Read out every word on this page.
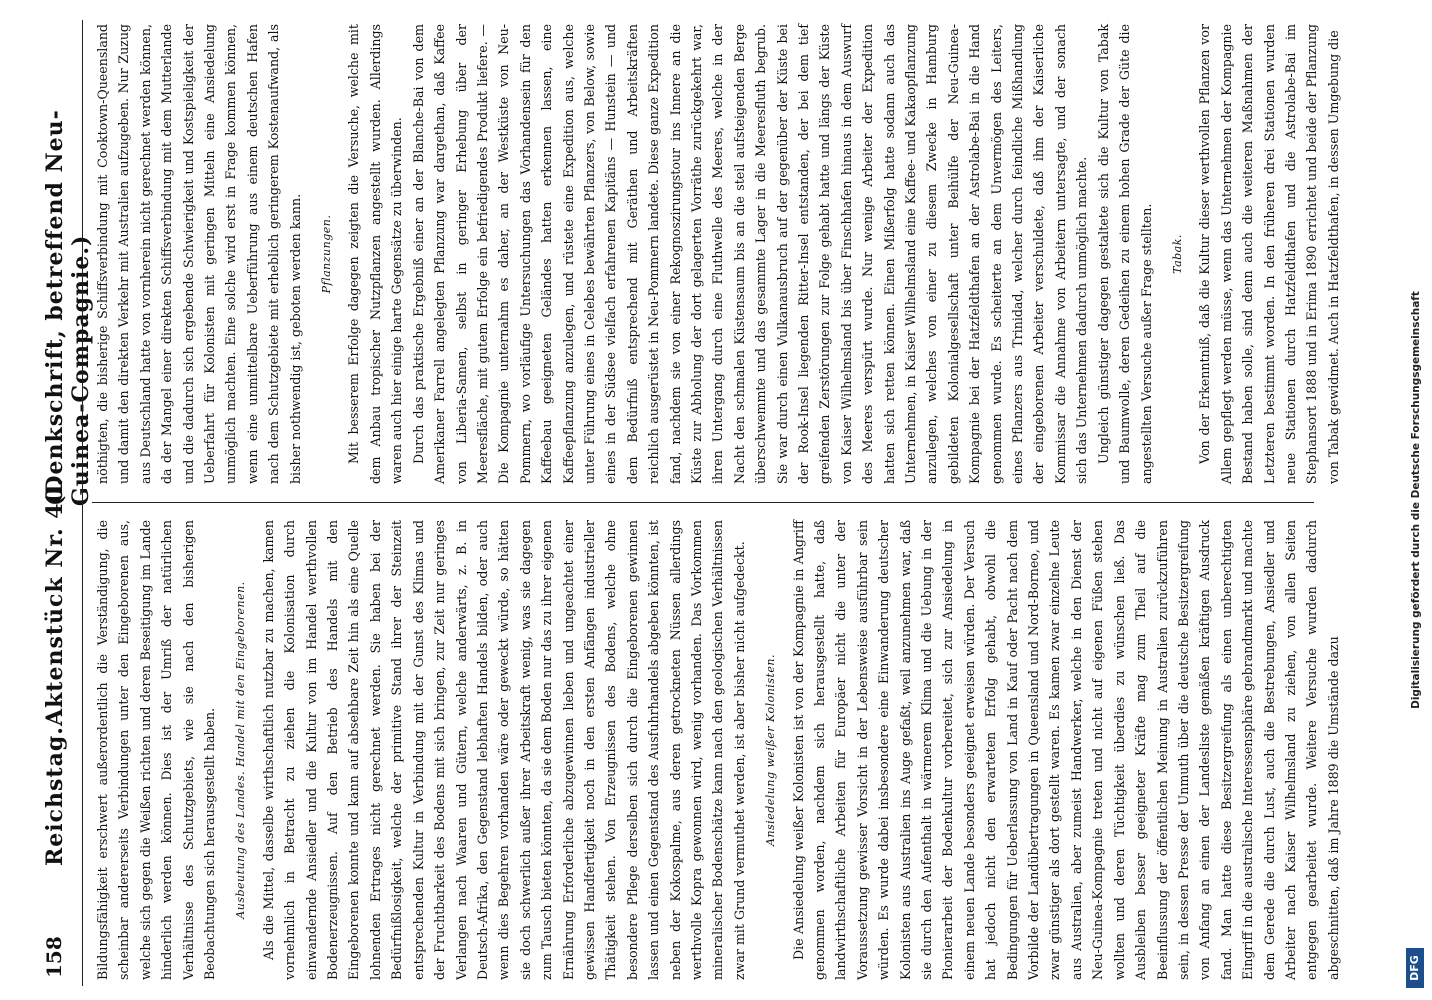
158
Reichstag.
Aktenstück Nr. 40.
(Denkschrift, betreffend Neu-Guinea-Compagnie.)

Bildungsfähigkeit erschwert außerordentlich die Verständigung, die scheinbar andererseits Verbindungen unter den Eingeborenen aus, welche sich gegen die Weißen richten und deren Beseitigung im Lande hinderlich werden können. Dies ist der Umriß der natürlichen Verhältnisse des Schutzgebiets, wie sie nach den bisherigen Beobachtungen sich herausgestellt haben.	Ausbeutung des Landes. Handel mit den Eingeborenen.	Als die Mittel, dasselbe wirthschaftlich nutzbar zu machen, kamen vornehmlich in Betracht zu ziehen die Kolonisation durch einwandernde Ansiedler und die Kultur von im Handel werthvollen Bodenerzeugnissen. Auf den Betrieb des Handels mit den Eingeborenen konnte und kann auf absehbare Zeit hin als eine Quelle lohnenden Ertrages nicht gerechnet werden. Sie haben bei der Bedürfnißlosigkeit, welche der primitive Stand ihrer der Steinzeit entsprechenden Kultur in Verbindung mit der Gunst des Klimas und der Fruchtbarkeit des Bodens mit sich bringen, zur Zeit nur geringes Verlangen nach Waaren und Gütern, welche anderwärts, z. B. in Deutsch-Afrika, den Gegenstand lebhaften Handels bilden, oder auch wenn dies Begehren vorhanden wäre oder geweckt würde, so hätten sie doch schwerlich außer ihrer Arbeitskraft wenig, was sie dagegen zum Tausch bieten könnten, da sie dem Boden nur das zu ihrer eigenen Ernährung Erforderliche abzugewinnen lieben und ungeachtet einer gewissen Handfertigkeit noch in den ersten Anfängen industrieller Thätigkeit stehen. Von Erzeugnissen des Bodens, welche ohne besondere Pflege derselben sich durch die Eingeborenen gewinnen lassen und einen Gegenstand des Ausfuhrhandels abgeben könnten, ist neben der Kokospalme, aus deren getrockneten Nüssen allerdings werthvolle Kopra gewonnen wird, wenig vorhanden. Das Vorkommen mineralischer Bodenschätze kann nach den geologischen Verhältnissen zwar mit Grund vermuthet werden, ist aber bisher nicht aufgedeckt.	Ansiedelung weißer Kolonisten.	Die Ansiedelung weißer Kolonisten ist von der Kompagnie in Angriff genommen worden, nachdem sich herausgestellt hatte, daß landwirthschaftliche Arbeiten für Europäer nicht die unter der Voraussetzung gewisser Vorsicht in der Lebensweise ausführbar sein würden. Es wurde dabei insbesondere eine Einwanderung deutscher Kolonisten aus Australien ins Auge gefaßt, weil anzunehmen war, daß sie durch den Aufenthalt in wärmerem Klima und die Uebung in der Pionierarbeit der Bodenkultur vorbereitet, sich zur Ansiedelung in einem neuen Lande besonders geeignet erweisen würden. Der Versuch hat jedoch nicht den erwarteten Erfolg gehabt, obwohl die Bedingungen für Ueberlassung von Land in Kauf oder Pacht nach dem Vorbilde der Landübertragungen in Queensland und Nord-Borneo, und zwar günstiger als dort gestellt waren. Es kamen zwar einzelne Leute aus Australien, aber zumeist Handwerker, welche in den Dienst der Neu-Guinea-Kompagnie treten und nicht auf eigenen Füßen stehen wollten und deren Tüchtigkeit überdies zu wünschen ließ. Das Ausbleiben besser geeigneter Kräfte mag zum Theil auf die Beeinflussung der öffentlichen Meinung in Australien zurückzuführen sein, in dessen Presse der Unmuth über die deutsche Besitzergreifung von Anfang an einen der Landesliste gemäßen kräftigen Ausdruck fand. Man hatte diese Besitzergreifung als einen unberechtigten Eingriff in die australische Interessensphäre gebrandmarkt und machte dem Gerede die durch Lust, auch die Bestrebungen, Ansiedler und Arbeiter nach Kaiser Wilhelmsland zu ziehen, von allen Seiten entgegen gearbeitet wurde. Weitere Versuche wurden dadurch abgeschnitten, daß im Jahre 1889 die Umstände dazu

nöthigten, die bisherige Schiffsverbindung mit Cooktown-Queensland und damit den direkten Verkehr mit Australien aufzugeben. Nur Zuzug aus Deutschland hatte von vornherein nicht gerechnet werden können, da der Mangel einer direkten Schiffsverbindung mit dem Mutterlande und die dadurch sich ergebende Schwierigkeit und Kostspieligkeit der Ueberfahrt für Kolonisten mit geringen Mitteln eine Ansiedelung unmöglich machten. Eine solche wird erst in Frage kommen können, wenn eine unmittelbare Ueberführung aus einem deutschen Hafen nach dem Schutzgebiete mit erheblich geringerem Kostenaufwand, als bisher nothwendig ist, geboten werden kann.	Pflanzungen.	Mit besserem Erfolge dagegen zeigten die Versuche, welche mit dem Anbau tropischer Nutzpflanzen angestellt wurden. Allerdings waren auch hier einige harte Gegensätze zu überwinden. Durch das praktische Ergebniß einer an der Blanche-Bai von dem Amerikaner Farrell angelegten Pflanzung war dargethan, daß Kaffee von Liberia-Samen, selbst in geringer Erhebung über der Meeresfläche, mit gutem Erfolge ein befriedigendes Produkt liefere. — Die Kompagnie unternahm es daher, an der Westküste von Neu-Pommern, wo vorläufige Untersuchungen das Vorhandensein für den Kaffeebau geeigneten Geländes hatten erkennen lassen, eine Kaffeepflanzung anzulegen, und rüstete eine Expedition aus, welche unter Führung eines in Celebes bewährten Pflanzers, von Below, sowie eines in der Südsee vielfach erfahrenen Kapitäns — Hunstein — und dem Bedürfniß entsprechend mit Geräthen und Arbeitskräften reichlich ausgerüstet in Neu-Pommern landete. Diese ganze Expedition fand, nachdem sie von einer Rekognoszirungstour ins Innere an die Küste zur Abholung der dort gelagerten Vorräthe zurückgekehrt war, ihren Untergang durch eine Fluthwelle des Meeres, welche in der Nacht den schmalen Küstensaum bis an die steil aufsteigenden Berge überschwemmte und das gesammte Lager in die Meeresfluth begrub. Sie war durch einen Vulkanausbruch auf der gegenüber der Küste bei der Rook-Insel liegenden Ritter-Insel entstanden, der bei dem tief greifenden Zerstörungen zur Folge gehabt hatte und längs der Küste von Kaiser Wilhelmsland bis über Finschhafen hinaus in dem Auswurf des Meeres verspürt wurde. Nur wenige Arbeiter der Expedition hatten sich retten können. Einen Mißerfolg hatte sodann auch das Unternehmen, in Kaiser Wilhelmsland eine Kaffee- und Kakaopflanzung anzulegen, welches von einer zu diesem Zwecke in Hamburg gebildeten Kolonialgesellschaft unter Beihülfe der Neu-Guinea-Kompagnie bei der Hatzfeldthafen an der Astrolabe-Bai in die Hand genommen wurde. Es scheiterte an dem Unvermögen des Leiters, eines Pflanzers aus Trinidad, welcher durch feindliche Mißhandlung der eingeborenen Arbeiter verschuldete, daß ihm der Kaiserliche Kommissar die Annahme von Arbeitern untersagte, und der sonach sich das Unternehmen dadurch unmöglich machte. Ungleich günstiger dagegen gestaltete sich die Kultur von Tabak und Baumwolle, deren Gedeihen zu einem hohen Grade der Güte die angestellten Versuche außer Frage stellten.	Tabak.	Von der Erkenntniß, daß die Kultur dieser werthvollen Pflanzen vor Allem gepflegt werden müsse, wenn das Unternehmen der Kompagnie Bestand haben solle, sind denn auch die weiteren Maßnahmen der Letzteren bestimmt worden. In den früheren drei Stationen wurden neue Stationen durch Hatzfeldthafen und die Astrolabe-Bai im Stephansort 1888 und in Erima 1890 errichtet und beide der Pflanzung von Tabak gewidmet. Auch in Hatzfeldthafen, in dessen Umgebung die

DFG
Digitalisierung gefördert durch die Deutsche Forschungsgemeinschaft
